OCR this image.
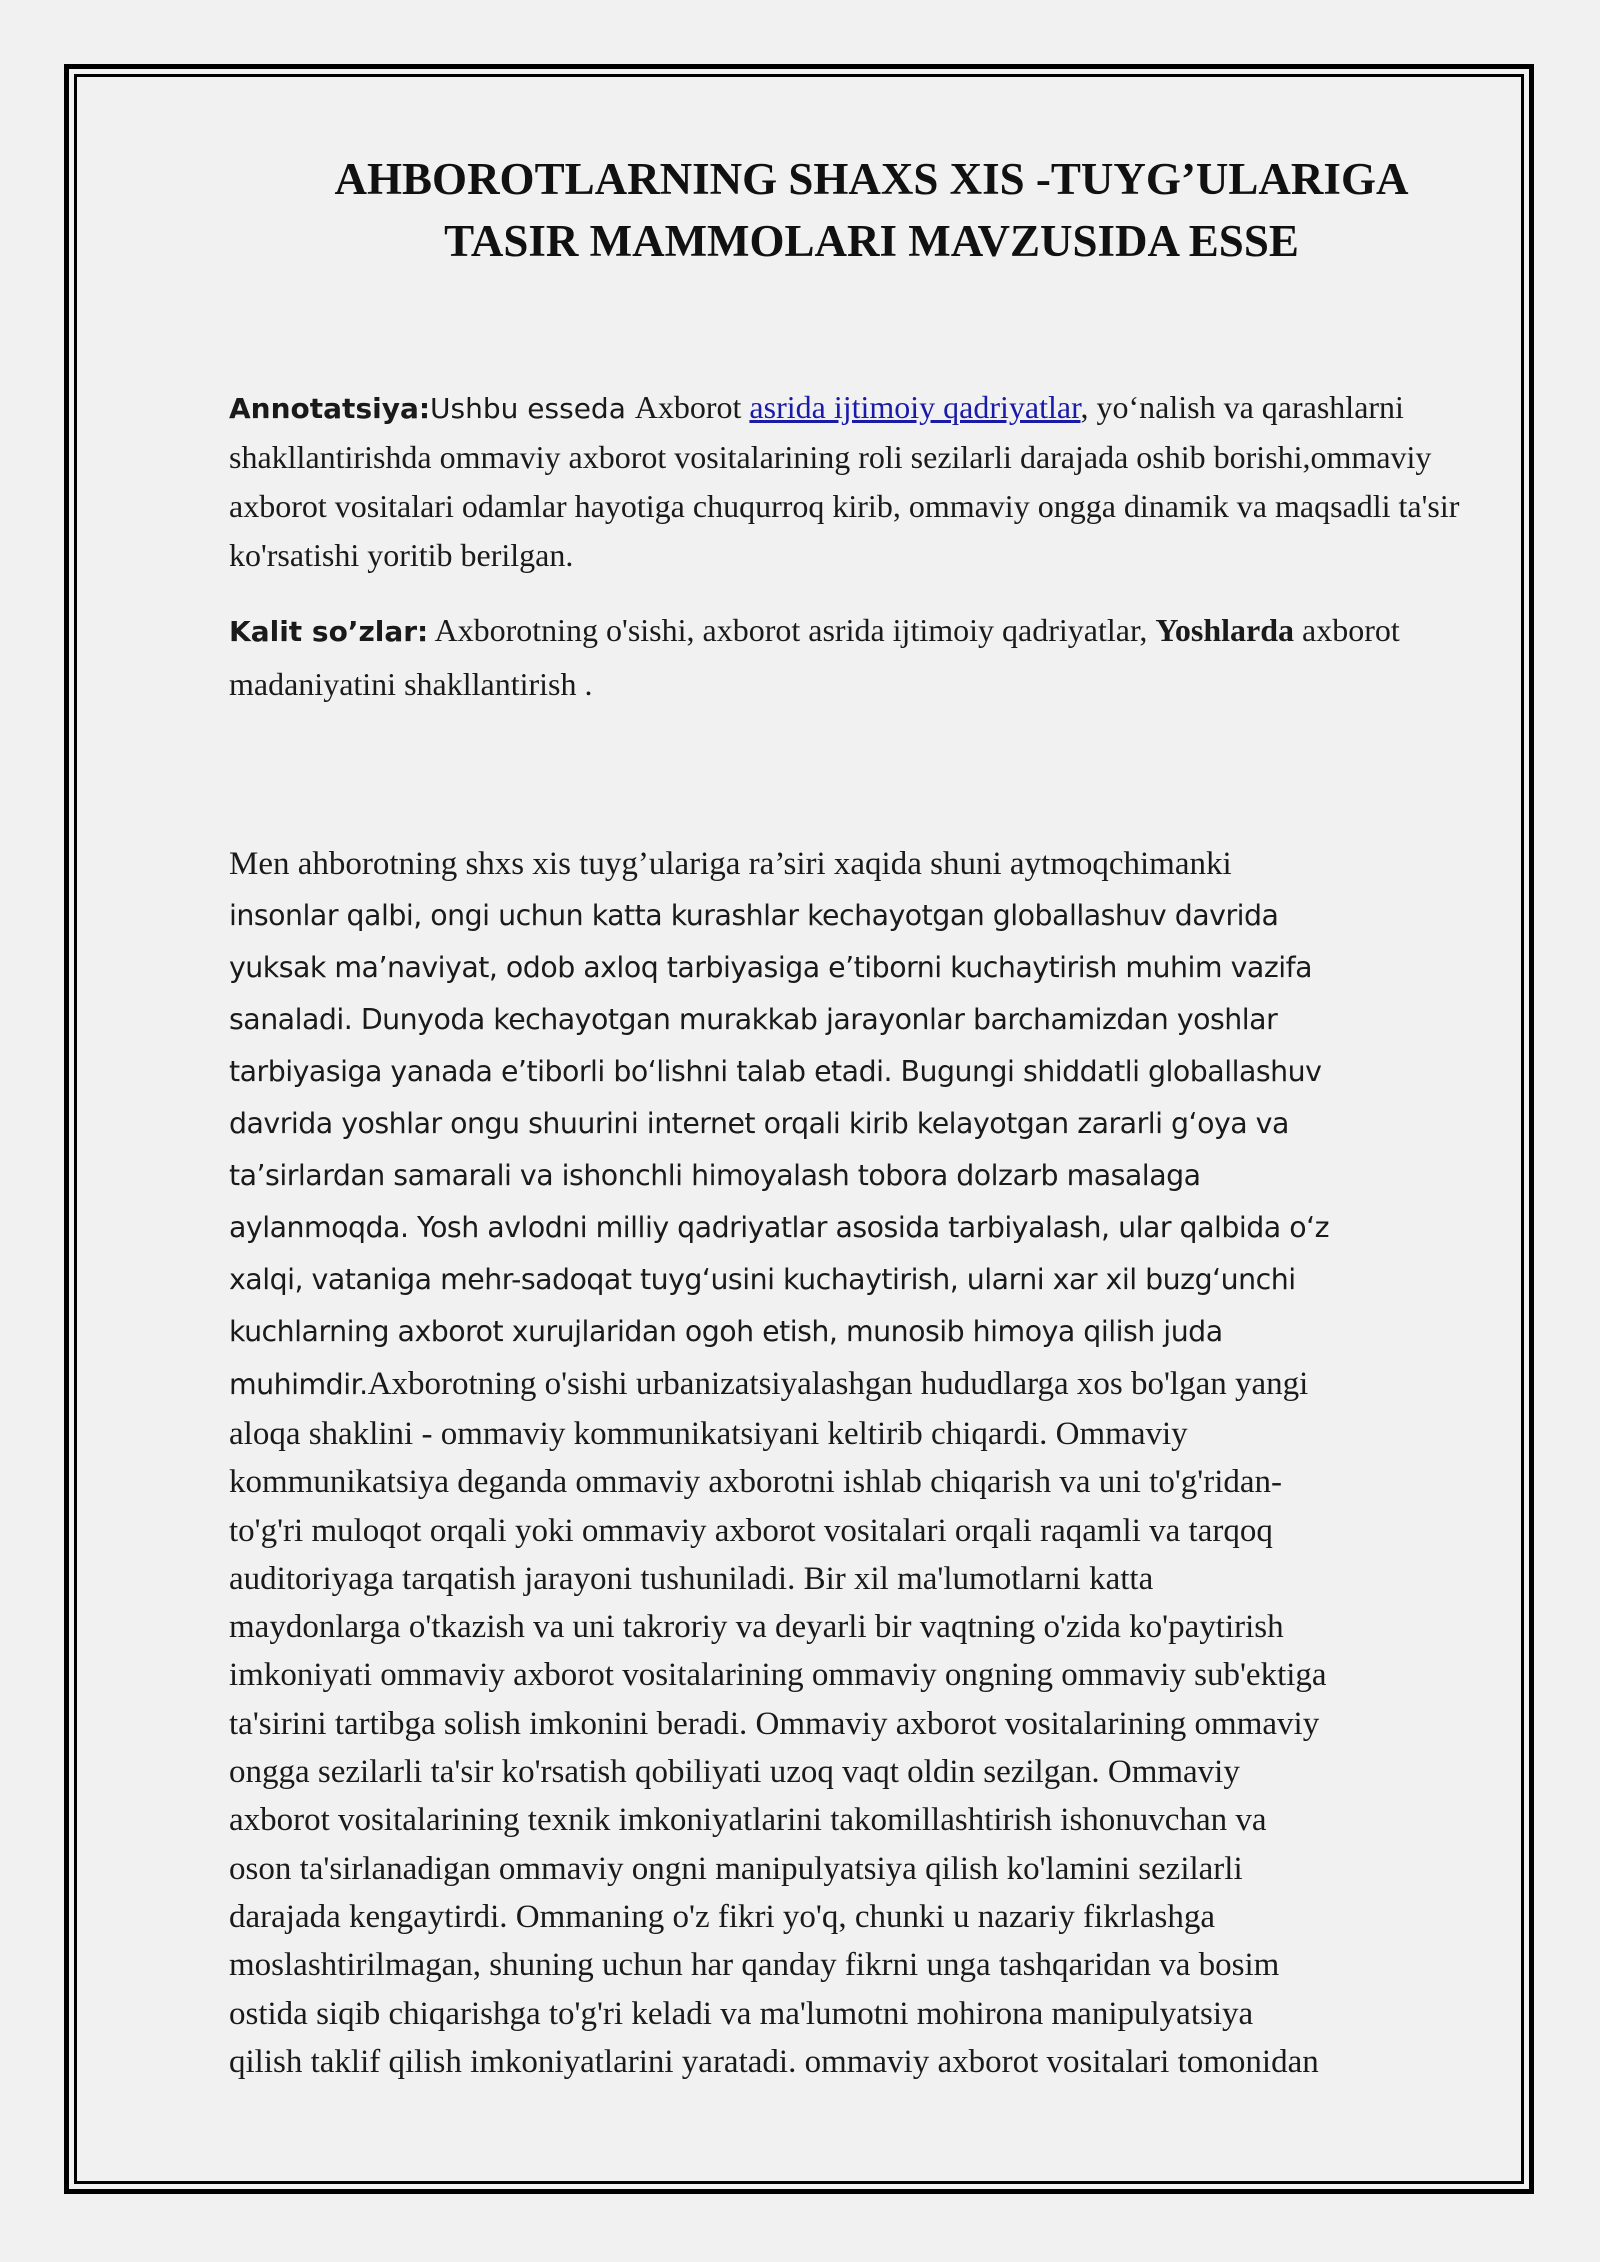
AHBOROTLARNING SHAXS XIS -TUYG’ULARIGA
TASIR MAMMOLARI MAVZUSIDA ESSE

Annotatsiya:Ushbu esseda Axborot asrida ijtimoiy qadriyatlar, yo‘nalish va qarashlarni shakllantirishda ommaviy axborot vositalarining roli sezilarli darajada oshib borishi,ommaviy axborot vositalari odamlar hayotiga chuqurroq kirib, ommaviy ongga dinamik va maqsadli ta'sir ko'rsatishi yoritib berilgan.

Kalit so’zlar: Axborotning o'sishi, axborot asrida ijtimoiy qadriyatlar, Yoshlarda axborot madaniyatini shakllantirish .

Men ahborotning shxs xis tuyg’ulariga ra’siri xaqida shuni aytmoqchimanki
insonlar qalbi, ongi uchun katta kurashlar kechayotgan globallashuv davrida
yuksak ma’naviyat, odob axloq tarbiyasiga e’tiborni kuchaytirish muhim vazifa
sanaladi. Dunyoda kechayotgan murakkab jarayonlar barchamizdan yoshlar
tarbiyasiga yanada e’tiborli bo‘lishni talab etadi. Bugungi shiddatli globallashuv
davrida yoshlar ongu shuurini internet orqali kirib kelayotgan zararli g‘oya va
ta’sirlardan samarali va ishonchli himoyalash tobora dolzarb masalaga
aylanmoqda. Yosh avlodni milliy qadriyatlar asosida tarbiyalash, ular qalbida o‘z
xalqi, vataniga mehr-sadoqat tuyg‘usini kuchaytirish, ularni xar xil buzg‘unchi
kuchlarning axborot xurujlaridan ogoh etish, munosib himoya qilish juda
muhimdir.Axborotning o'sishi urbanizatsiyalashgan hududlarga xos bo'lgan yangi
aloqa shaklini - ommaviy kommunikatsiyani keltirib chiqardi. Ommaviy
kommunikatsiya deganda ommaviy axborotni ishlab chiqarish va uni to'g'ridan-
to'g'ri muloqot orqali yoki ommaviy axborot vositalari orqali raqamli va tarqoq
auditoriyaga tarqatish jarayoni tushuniladi. Bir xil ma'lumotlarni katta
maydonlarga o'tkazish va uni takroriy va deyarli bir vaqtning o'zida ko'paytirish
imkoniyati ommaviy axborot vositalarining ommaviy ongning ommaviy sub'ektiga
ta'sirini tartibga solish imkonini beradi. Ommaviy axborot vositalarining ommaviy
ongga sezilarli ta'sir ko'rsatish qobiliyati uzoq vaqt oldin sezilgan. Ommaviy
axborot vositalarining texnik imkoniyatlarini takomillashtirish ishonuvchan va
oson ta'sirlanadigan ommaviy ongni manipulyatsiya qilish ko'lamini sezilarli
darajada kengaytirdi. Ommaning o'z fikri yo'q, chunki u nazariy fikrlashga
moslashtirilmagan, shuning uchun har qanday fikrni unga tashqaridan va bosim
ostida siqib chiqarishga to'g'ri keladi va ma'lumotni mohirona manipulyatsiya
qilish taklif qilish imkoniyatlarini yaratadi. ommaviy axborot vositalari tomonidan
